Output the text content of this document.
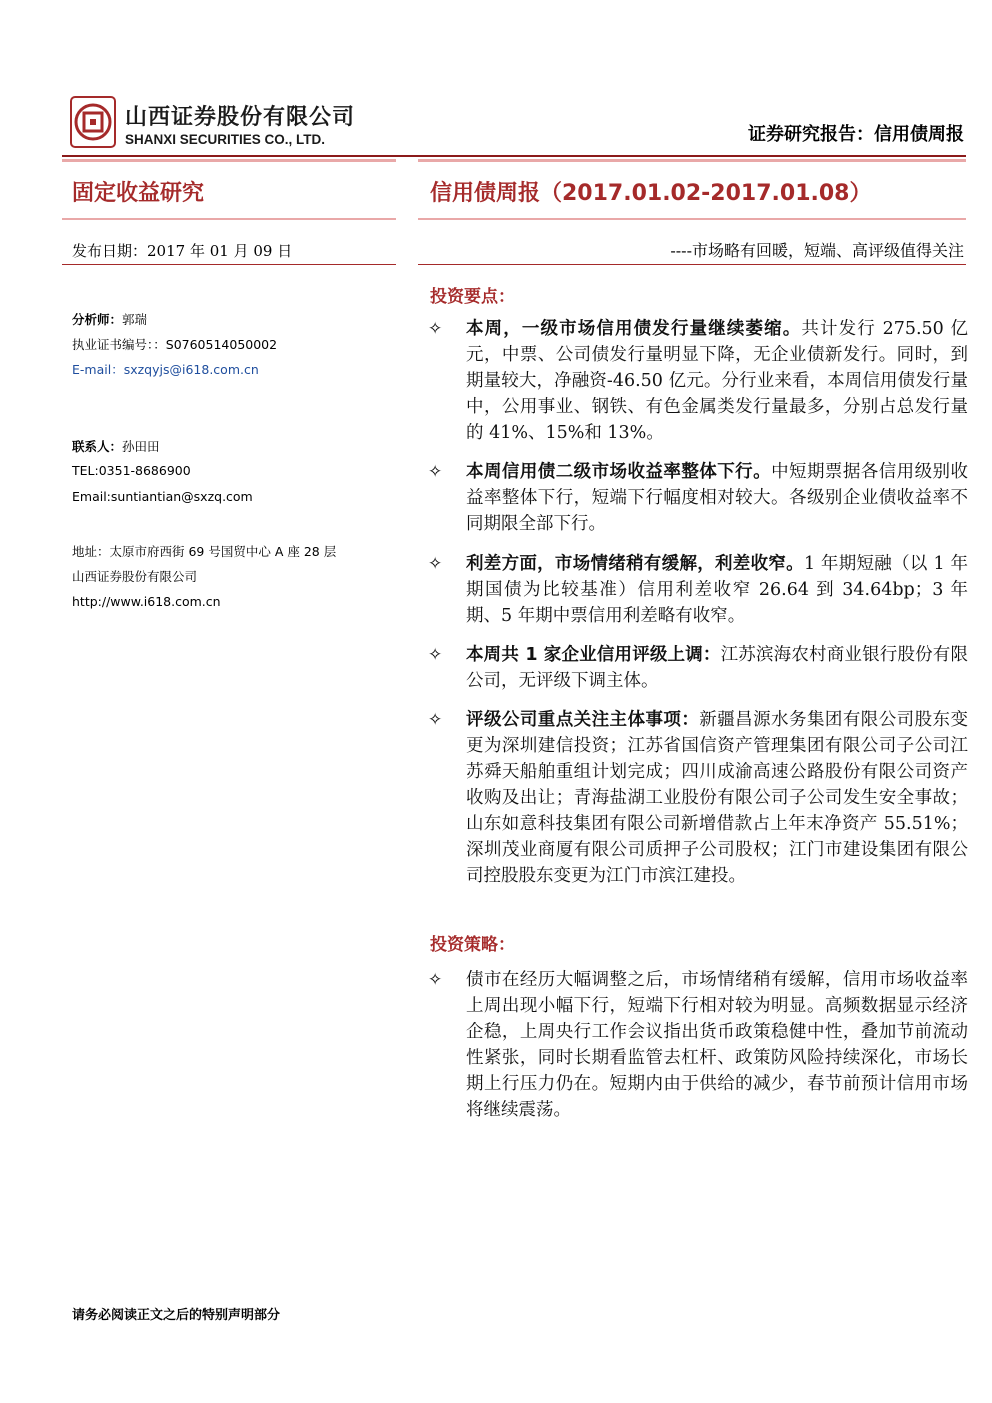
山西证券股份有限公司
SHANXI SECURITIES CO., LTD.	证券研究报告：信用债周报
固定收益研究	信用债周报（2017.01.02-2017.01.08）
发布日期：2017 年 01 月 09 日	----市场略有回暖，短端、高评级值得关注
分析师：郭瑞
执业证书编号：：S0760514050002
E-mail：sxzqyjs@i618.com.cn
联系人：孙田田
TEL:0351-8686900
Email:suntiantian@sxzq.com
地址：太原市府西街 69 号国贸中心 A 座 28 层
山西证券股份有限公司
http://www.i618.com.cn
投资要点：
✧	本周，一级市场信用债发行量继续萎缩。共计发行 275.50 亿元，中票、公司债发行量明显下降，无企业债新发行。同时，到期量较大，净融资-46.50 亿元。分行业来看，本周信用债发行量中，公用事业、钢铁、有色金属类发行量最多，分别占总发行量的 41%、15%和 13%。
✧	本周信用债二级市场收益率整体下行。中短期票据各信用级别收益率整体下行，短端下行幅度相对较大。各级别企业债收益率不同期限全部下行。
✧	利差方面，市场情绪稍有缓解，利差收窄。1 年期短融（以 1 年期国债为比较基准）信用利差收窄 26.64 到 34.64bp；3 年期、5 年期中票信用利差略有收窄。
✧	本周共 1 家企业信用评级上调：江苏滨海农村商业银行股份有限公司，无评级下调主体。
✧	评级公司重点关注主体事项：新疆昌源水务集团有限公司股东变更为深圳建信投资；江苏省国信资产管理集团有限公司子公司江苏舜天船舶重组计划完成；四川成渝高速公路股份有限公司资产收购及出让；青海盐湖工业股份有限公司子公司发生安全事故；山东如意科技集团有限公司新增借款占上年末净资产 55.51%；深圳茂业商厦有限公司质押子公司股权；江门市建设集团有限公司控股股东变更为江门市滨江建投。
投资策略：
✧	债市在经历大幅调整之后，市场情绪稍有缓解，信用市场收益率上周出现小幅下行，短端下行相对较为明显。高频数据显示经济企稳，上周央行工作会议指出货币政策稳健中性，叠加节前流动性紧张，同时长期看监管去杠杆、政策防风险持续深化，市场长期上行压力仍在。短期内由于供给的减少，春节前预计信用市场将继续震荡。
请务必阅读正文之后的特别声明部分
